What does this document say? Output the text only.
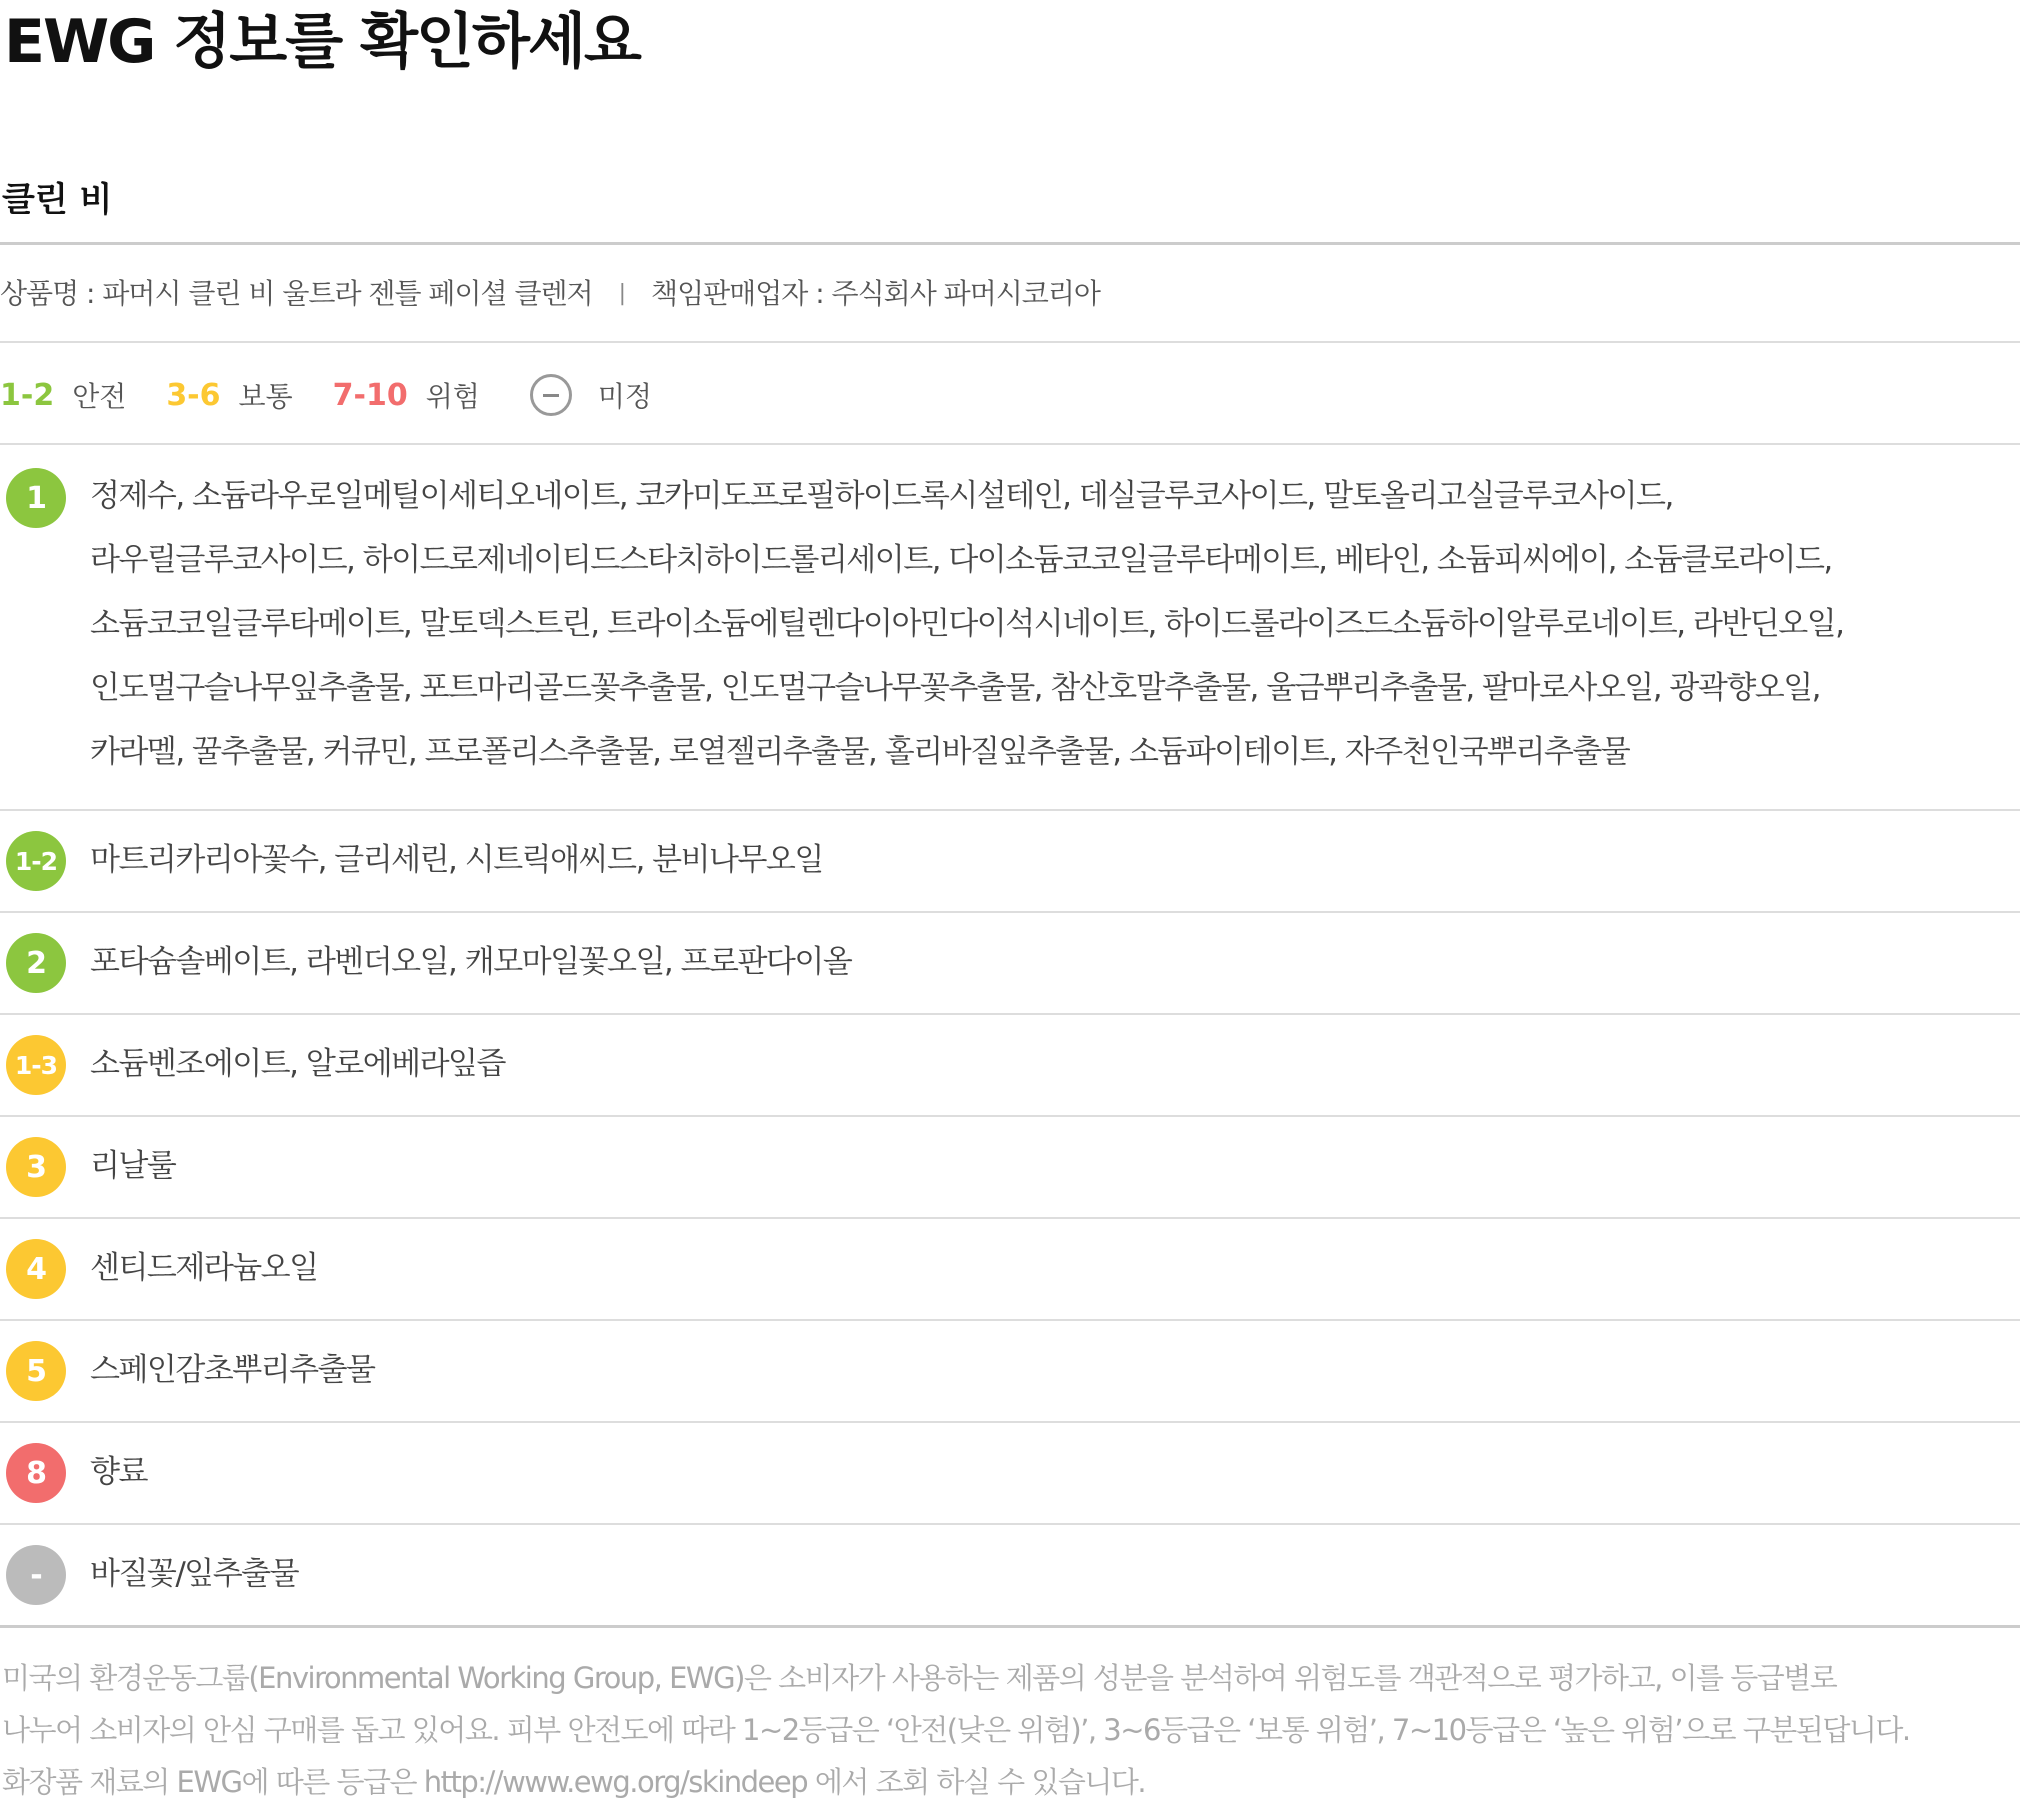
EWG 정보를 확인하세요
클린 비
상품명 : 파머시 클린 비 울트라 젠틀 페이셜 클렌저 | 책임판매업자 : 주식회사 파머시코리아
1-2 안전 3-6 보통 7-10 위험	미정
1	정제수, 소듐라우로일메틸이세티오네이트, 코카미도프로필하이드록시설테인, 데실글루코사이드, 말토올리고실글루코사이드,
라우릴글루코사이드, 하이드로제네이티드스타치하이드롤리세이트, 다이소듐코코일글루타메이트, 베타인, 소듐피씨에이, 소듐클로라이드,
소듐코코일글루타메이트, 말토덱스트린, 트라이소듐에틸렌다이아민다이석시네이트, 하이드롤라이즈드소듐하이알루로네이트, 라반딘오일,
인도멀구슬나무잎추출물, 포트마리골드꽃추출물, 인도멀구슬나무꽃추출물, 참산호말추출물, 울금뿌리추출물, 팔마로사오일, 광곽향오일,
카라멜, 꿀추출물, 커큐민, 프로폴리스추출물, 로열젤리추출물, 홀리바질잎추출물, 소듐파이테이트, 자주천인국뿌리추출물
1-2 마트리카리아꽃수, 글리세린, 시트릭애씨드, 분비나무오일
2	포타슘솔베이트, 라벤더오일, 캐모마일꽃오일, 프로판다이올
1-3 소듐벤조에이트, 알로에베라잎즙
3	리날룰
4	센티드제라늄오일
5	스페인감초뿌리추출물
8	향료
-	바질꽃/잎추출물
미국의 환경운동그룹(Environmental Working Group, EWG)은 소비자가 사용하는 제품의 성분을 분석하여 위험도를 객관적으로 평가하고, 이를 등급별로
나누어 소비자의 안심 구매를 돕고 있어요. 피부 안전도에 따라 1~2등급은 ‘안전(낮은 위험)’, 3~6등급은 ‘보통 위험’, 7~10등급은 ‘높은 위험’으로 구분된답니다.
화장품 재료의 EWG에 따른 등급은 http://www.ewg.org/skindeep 에서 조회 하실 수 있습니다.
